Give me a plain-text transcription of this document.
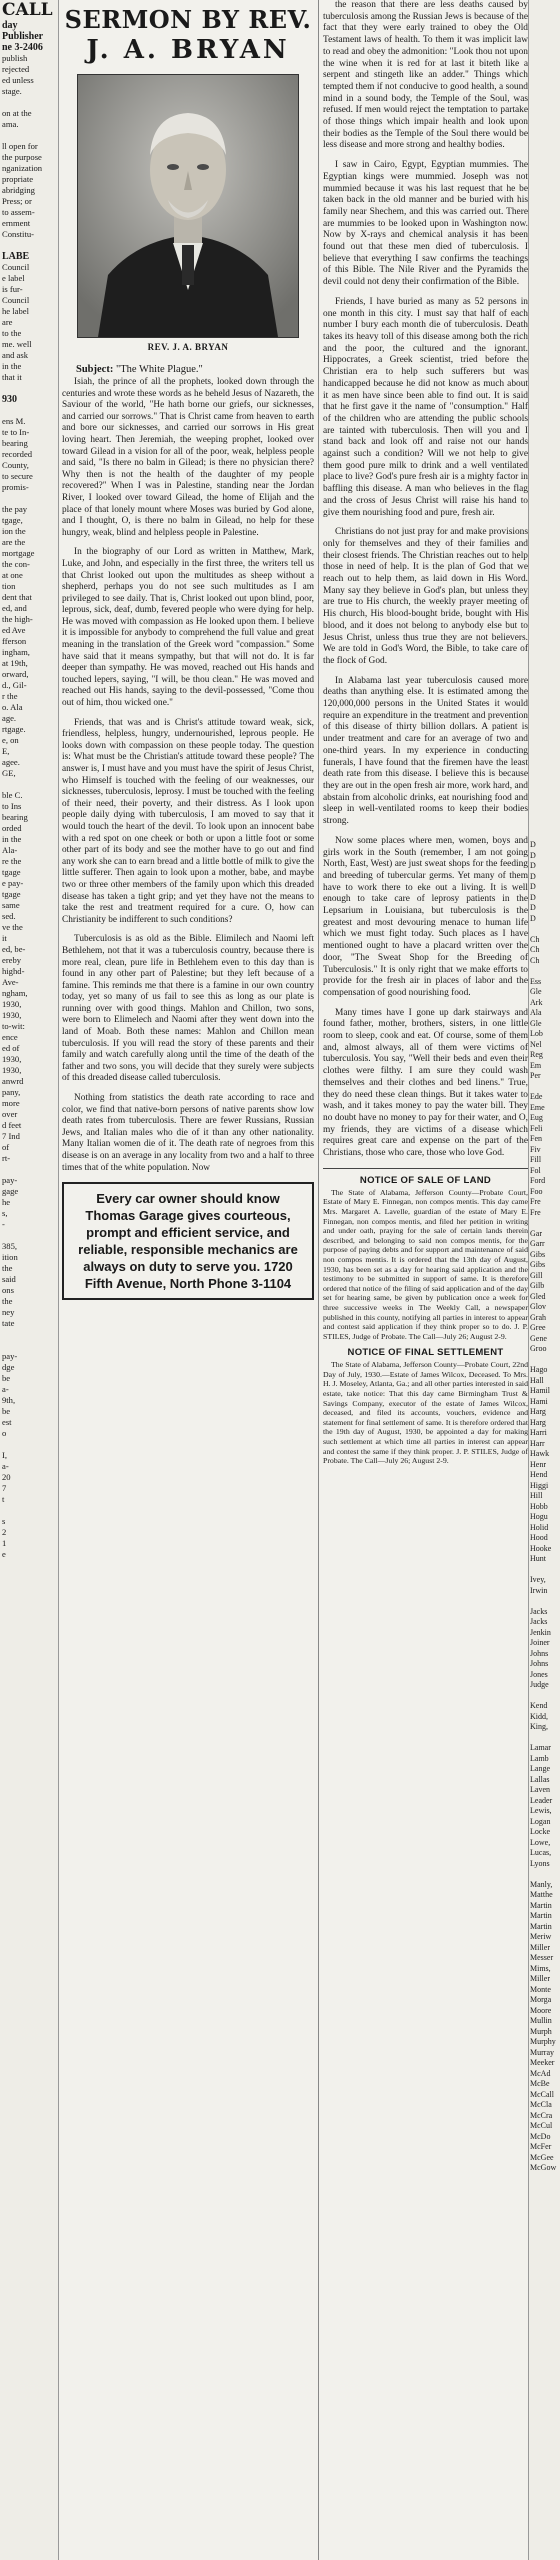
CALL

day

Publisher

ne 3-2406

publish

rejected

ed unless

stage.

on at the

ama.

ll open for

the purpose

nganization

propriate

abridging

Press; or

to assem-

ernment

Constitu-

LABE

Council

e label

is fur-

Council

he label

are

to the

me. well

and ask

in the

that it

930

ens M.

te to In-

bearing

recorded

County,

to secure

promis-

the pay

tgage,

ion the

are the

mortgage

the con-

at one

tion

dent that

ed, and

the high-

ed Ave

fferson

ingham,

at 19th,

orward,

d., Gil-

r the

o. Ala

age.

rtgage.

e, on

E,

agee.

GE,

ble C.

to Ins

bearing

orded

in the

Ala-

re the

tgage

e pay-

tgage

same

sed.

ve the

it

ed, be-

ereby

highd-

Ave-

ngham,

1930,

1930,

to-wit:

ence

ed of

1930,

1930,

anwrd

pany,

more

over

d feet

7 Ind

of

rt-

pay-

gage

he

s,

-

385,

ition

the

said

ons

the

ney

tate

pay-

dge

be

a-

9th,

be

est

o

I,

a-

20

7

t

s

2

1

e

SERMON BY REV.
J. A. BRYAN
REV. J. A. BRYAN

Subject: "The White Plague."

Isiah, the prince of all the prophets, looked down through the centuries and wrote these words as he beheld Jesus of Nazareth, the Saviour of the world, "He hath borne our griefs, our sicknesses, and carried our sorrows." That is Christ came from heaven to earth and bore our sicknesses, and carried our sorrows in His great loving heart. Then Jeremiah, the weeping prophet, looked over toward Gilead in a vision for all of the poor, weak, helpless people and said, "Is there no balm in Gilead; is there no physician there? Why then is not the health of the daughter of my people recovered?" When I was in Palestine, standing near the Jordan River, I looked over toward Gilead, the home of Elijah and the place of that lonely mount where Moses was buried by God alone, and I thought, O, is there no balm in Gilead, no help for these hungry, weak, blind and helpless people in Palestine.

In the biography of our Lord as written in Matthew, Mark, Luke, and John, and especially in the first three, the writers tell us that Christ looked out upon the multitudes as sheep without a shepherd, perhaps you do not see such multitudes as I am privileged to see daily. That is, Christ looked out upon blind, poor, leprous, sick, deaf, dumb, fevered people who were dying for help. He was moved with compassion as He looked upon them. I believe it is impossible for anybody to comprehend the full value and great meaning in the translation of the Greek word "compassion." Some have said that it means sympathy, but that will not do. It is far deeper than sympathy. He was moved, reached out His hands and touched lepers, saying, "I will, be thou clean." He was moved and reached out His hands, saying to the devil-possessed, "Come thou out of him, thou wicked one."

Friends, that was and is Christ's attitude toward weak, sick, friendless, helpless, hungry, undernourished, leprous people. He looks down with compassion on these people today. The question is: What must be the Christian's attitude toward these people? The answer is, I must have and you must have the spirit of Jesus Christ, who Himself is touched with the feeling of our weaknesses, our sicknesses, tuberculosis, leprosy. I must be touched with the feeling of their need, their poverty, and their distress. As I look upon people daily dying with tuberculosis, I am moved to say that it would touch the heart of the devil. To look upon an innocent babe with a red spot on one cheek or both or upon a little foot or some other part of its body and see the mother have to go out and find any work she can to earn bread and a little bottle of milk to give the little sufferer. Then again to look upon a mother, babe, and maybe two or three other members of the family upon which this dreaded disease has taken a tight grip; and yet they have not the means to take the rest and treatment required for a cure. O, how can Christianity be indifferent to such conditions?

Tuberculosis is as old as the Bible. Elimilech and Naomi left Bethlehem, not that it was a tuberculosis country, because there is more real, clean, pure life in Bethlehem even to this day than is found in any other part of Palestine; but they left because of a famine. This reminds me that there is a famine in our own country today, yet so many of us fail to see this as long as our plate is running over with good things. Mahlon and Chillon, two sons, were born to Elimelech and Naomi after they went down into the land of Moab. Both these names: Mahlon and Chillon mean tuberculosis. If you will read the story of these parents and their family and watch carefully along until the time of the death of the father and two sons, you will decide that they surely were subjects of this dreaded disease called tuberculosis.

Nothing from statistics the death rate according to race and color, we find that native-born persons of native parents show low death rates from tuberculosis. There are fewer Russians, Russian Jews, and Italian males who die of it than any other nationality. Many Italian women die of it. The death rate of negroes from this disease is on an average in any locality from two and a half to three times that of the white population. Now

Every car owner should know Thomas Garage gives courteous, prompt and efficient service, and reliable, responsible mechanics are always on duty to serve you. 1720 Fifth Avenue, North Phone 3-1104

the reason that there are less deaths caused by tuberculosis among the Russian Jews is because of the fact that they were early trained to obey the Old Testament laws of health. To them it was implicit law to read and obey the admonition: "Look thou not upon the wine when it is red for at last it biteth like a serpent and stingeth like an adder." Things which tempted them if not conducive to good health, a sound mind in a sound body, the Temple of the Soul, was refused. If men would reject the temptation to partake of those things which impair health and look upon their bodies as the Temple of the Soul there would be less disease and more strong and healthy bodies.

I saw in Cairo, Egypt, Egyptian mummies. The Egyptian kings were mummied. Joseph was not mummied because it was his last request that he be taken back in the old manner and be buried with his family near Shechem, and this was carried out. There are mummies to be looked upon in Washington now. Now by X-rays and chemical analysis it has been found out that these men died of tuberculosis. I believe that everything I saw confirms the teachings of this Bible. The Nile River and the Pyramids the devil could not deny their confirmation of the Bible.

Friends, I have buried as many as 52 persons in one month in this city. I must say that half of each number I bury each month die of tuberculosis. Death takes its heavy toll of this disease among both the rich and the poor, the cultured and the ignorant. Hippocrates, a Greek scientist, tried before the Christian era to help such sufferers but was handicapped because he did not know as much about it as men have since been able to find out. It is said that he first gave it the name of "consumption." Half of the children who are attending the public schools are tainted with tuberculosis. Then will you and I stand back and look off and raise not our hands against such a condition? Will we not help to give them good pure milk to drink and a well ventilated place to live? God's pure fresh air is a mighty factor in baffling this disease. A man who believes in the flag and the cross of Jesus Christ will raise his hand to give them nourishing food and pure, fresh air.

Christians do not just pray for and make provisions only for themselves and they of their families and their closest friends. The Christian reaches out to help those in need of help. It is the plan of God that we reach out to help them, as laid down in His Word. Many say they believe in God's plan, but unless they are true to His church, the weekly prayer meeting of His church, His blood-bought bride, bought with His blood, and it does not belong to anybody else but to Jesus Christ, unless thus true they are not believers. We are told in God's Word, the Bible, to take care of the flock of God.

In Alabama last year tuberculosis caused more deaths than anything else. It is estimated among the 120,000,000 persons in the United States it would require an expenditure in the treatment and prevention of this disease of thirty billion dollars. A patient is under treatment and care for an average of two and one-third years. In my experience in conducting funerals, I have found that the firemen have the least death rate from this disease. I believe this is because they are out in the open fresh air more, work hard, and abstain from alcoholic drinks, eat nourishing food and sleep in well-ventilated rooms to keep their bodies strong.

Now some places where men, women, boys and girls work in the South (remember, I am not going North, East, West) are just sweat shops for the feeding and breeding of tubercular germs. Yet many of them have to work there to eke out a living. It is well enough to take care of leprosy patients in the Lepsarium in Louisiana, but tuberculosis is the greatest and most devouring menace to human life which we must fight today. Such places as I have mentioned ought to have a placard written over the door, "The Sweat Shop for the Breeding of Tuberculosis." It is only right that we make efforts to provide for the fresh air in places of labor and the compensation of good nourishing food.

Many times have I gone up dark stairways and found father, mother, brothers, sisters, in one little room to sleep, cook and eat. Of course, some of them and, almost always, all of them were victims of tuberculosis. You say, "Well their beds and even their clothes were filthy. I am sure they could wash themselves and their clothes and bed linens." True, they do need these clean things. But it takes water to wash, and it takes money to pay the water bill. They no doubt have no money to pay for their water, and O, my friends, they are victims of a disease which requires great care and expense on the part of the Christians, those who care, those who love God.

NOTICE OF SALE OF LAND

The State of Alabama, Jefferson County—Probate Court, Estate of Mary E. Finnegan, non compos mentis. This day came Mrs. Margaret A. Lavelle, guardian of the estate of Mary E. Finnegan, non compos mentis, and filed her petition in writing and under oath, praying for the sale of certain lands therein described, and belonging to said non compos mentis, for the purpose of paying debts and for support and maintenance of said non compos mentis. It is ordered that the 13th day of August, 1930, has been set as a day for hearing said application and the testimony to be submitted in support of same. It is therefore ordered that notice of the filing of said application and of the day set for hearing same, be given by publication once a week for three successive weeks in The Weekly Call, a newspaper published in this county, notifying all parties in interest to appear and contest said application if they think proper so to do. J. P. STILES, Judge of Probate. The Call—July 26; August 2-9.

NOTICE OF FINAL SETTLEMENT

The State of Alabama, Jefferson County—Probate Court, 22nd Day of July, 1930.—Estate of James Wilcox, Deceased. To Mrs. H. J. Moseley, Atlanta, Ga.; and all other parties interested in said estate, take notice: That this day came Birmingham Trust & Savings Company, executor of the estate of James Wilcox, deceased, and filed its accounts, vouchers, evidence and statement for final settlement of same. It is therefore ordered that the 19th day of August, 1930, be appointed a day for making such settlement at which time all parties in interest can appear and contest the same if they think proper. J. P. STILES, Judge of Probate. The Call—July 26; August 2-9.

D

D

D

D

D

D

D

D

Ch

Ch

Ch

Ess

Gle

Ark

Ala

Gle

Lob

Nel

Reg

Em

Per

Ede

Eme

Eug

Feli

Fen

Fiv

Fill

Fol

Ford

Foo

Fre

Fre

Gar

Garr

Gibs

Gibs

Gill

Gilb

Gled

Glov

Grah

Gree

Gene

Groo

Hago

Hall

Hamil

Hami

Harg

Harg

Harri

Harr

Hawk

Henr

Hend

Higgi

Hill

Hobb

Hogu

Holid

Hood

Hooke

Hunt

Ivey,

Irwin

Jacks

Jacks

Jenkin

Joiner

Johns

Johns

Jones

Judge

Kend

Kidd,

King,

Lamar

Lamb

Lange

Lallas

Laven

Leader

Lewis,

Logan

Locke

Lowe,

Lucas,

Lyons

Manly,

Matthe

Martin

Martin

Martin

Meriw

Miller

Messer

Mims,

Miller

Monte

Morga

Moore

Mullin

Murph

Murphy

Murray

Meeker

McAd

McBe

McCall

McCla

McCra

McCul

McDo

McFer

McGee

McGow
